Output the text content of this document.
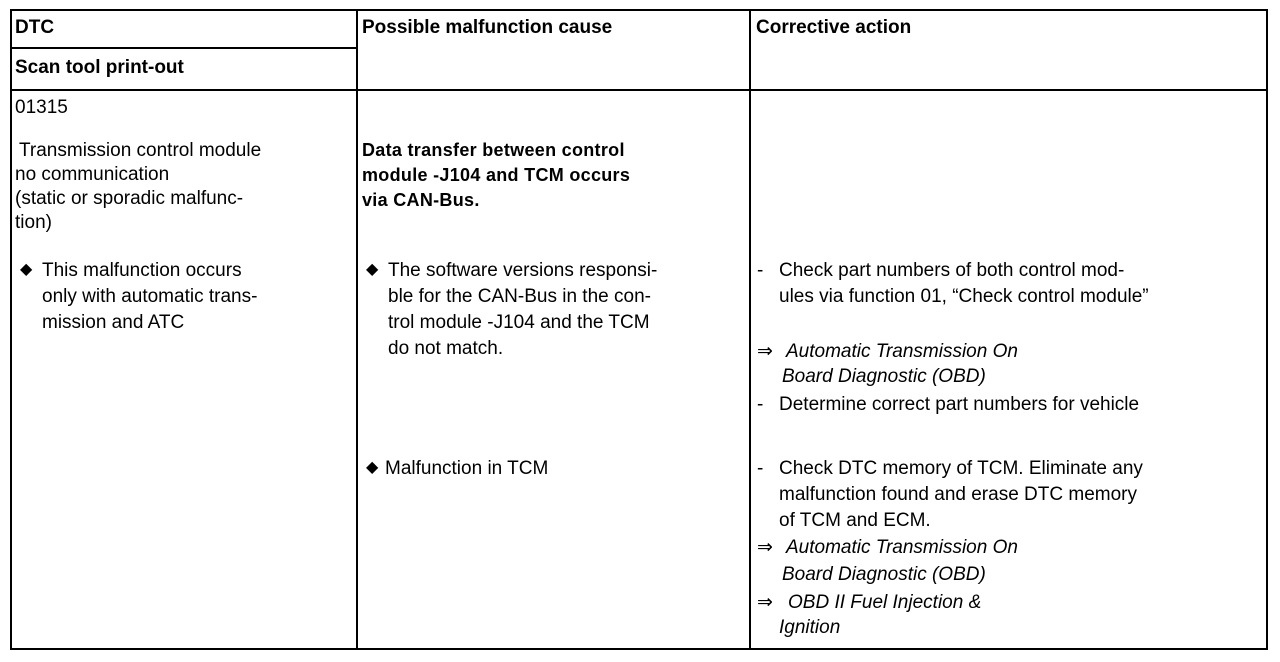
DTC
Scan tool print-out
Possible malfunction cause	Corrective action
01315
Transmission control module
no communication
(static or sporadic malfunc-
tion)
◆ This malfunction occurs
only with automatic trans-
mission and ATC
Data transfer between control
module -J104 and TCM occurs
via CAN-Bus.
◆ The software versions responsi-
ble for the CAN-Bus in the con-
trol module -J104 and the TCM
do not match.
◆ Malfunction in TCM
- Check part numbers of both control mod-
ules via function 01, “Check control module”
⇒ Automatic Transmission On
Board Diagnostic (OBD)
- Determine correct part numbers for vehicle
- Check DTC memory of TCM. Eliminate any
malfunction found and erase DTC memory
of TCM and ECM.
⇒ Automatic Transmission On
Board Diagnostic (OBD)
⇒ OBD II Fuel Injection &
Ignition
